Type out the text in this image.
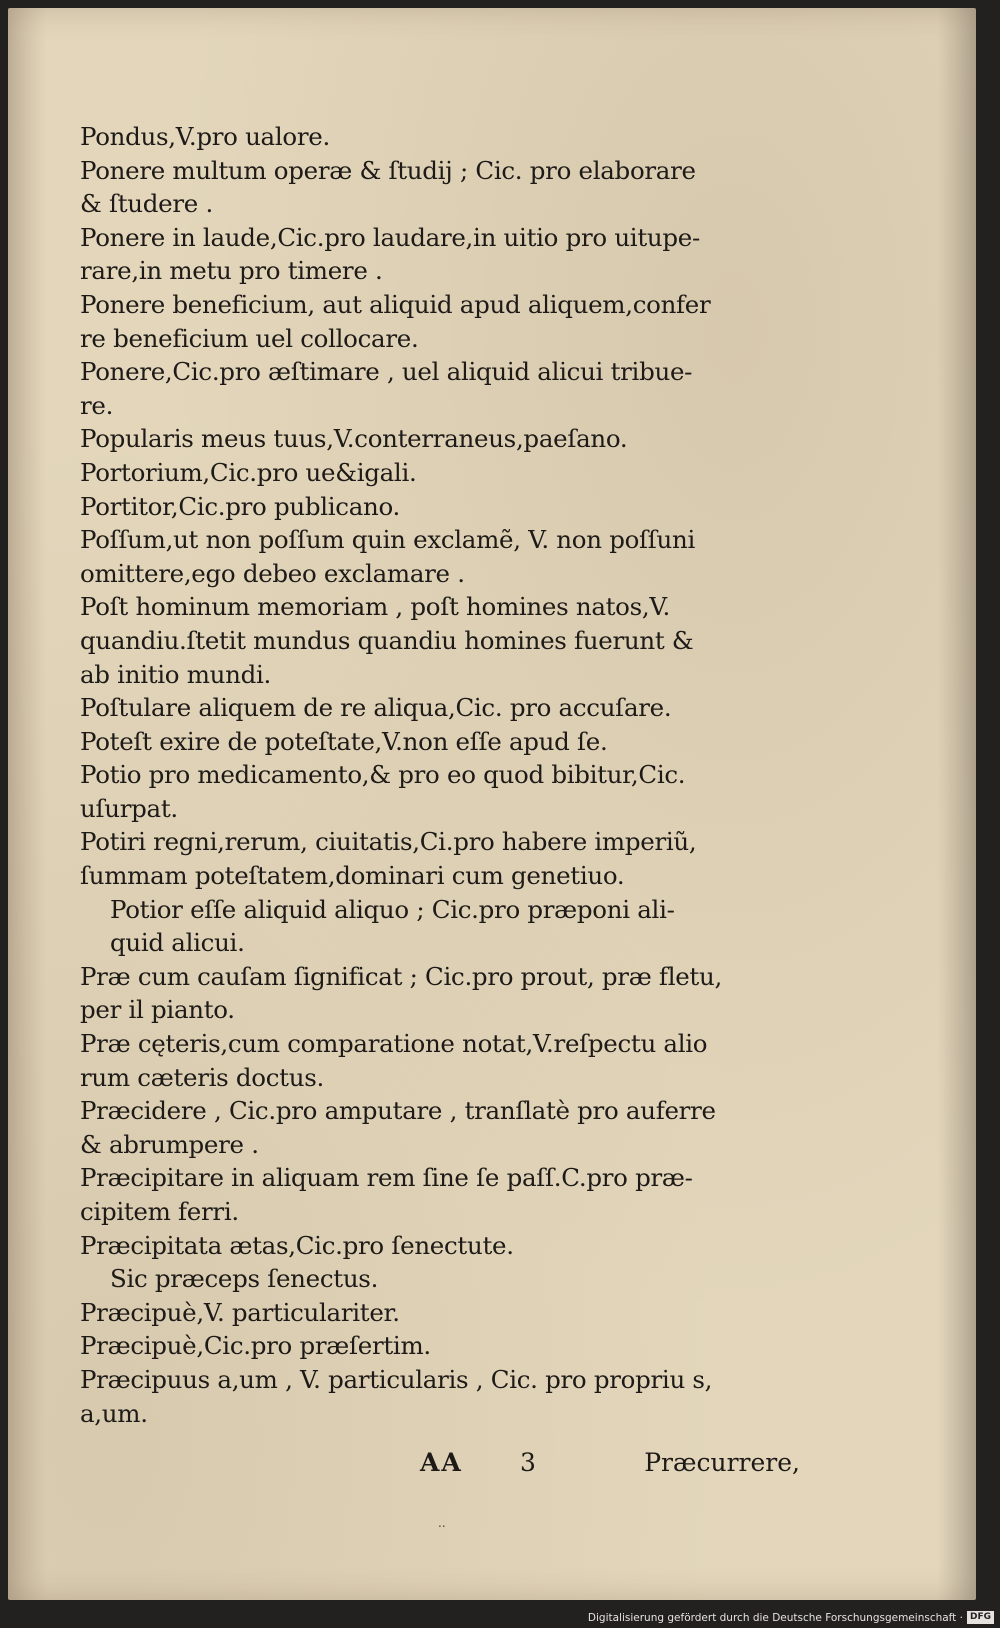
Pondus,V.pro ualore.
Ponere multum operæ & ſtudij ; Cic. pro elaborare
& ſtudere .
Ponere in laude,Cic.pro laudare,in uitio pro uitupe-
rare,in metu pro timere .
Ponere beneficium, aut aliquid apud aliquem,confer
re beneficium uel collocare.
Ponere,Cic.pro æſtimare , uel aliquid alicui tribue-
re.
Popularis meus tuus,V.conterraneus,paeſano.
Portorium,Cic.pro ue&igali.
Portitor,Cic.pro publicano.
Poſſum,ut non poſſum quin exclamẽ, V. non poſſuni
omittere,ego debeo exclamare .
Poſt hominum memoriam , poſt homines natos,V.
quandiu.ſtetit mundus quandiu homines fuerunt &
ab initio mundi.
Poſtulare aliquem de re aliqua,Cic. pro accuſare.
Poteſt exire de poteſtate,V.non eſſe apud ſe.
Potio pro medicamento,& pro eo quod bibitur,Cic.
uſurpat.
Potiri regni,rerum, ciuitatis,Ci.pro habere imperiũ,
ſummam poteſtatem,dominari cum genetiuo.
Potior eſſe aliquid aliquo ; Cic.pro præponi ali-
quid alicui.
Præ cum cauſam ſignificat ; Cic.pro prout, præ fletu,
per il pianto.
Præ cęteris,cum comparatione notat,V.reſpectu alio
rum cæteris doctus.
Præcidere , Cic.pro amputare , tranſlatè pro auferre
& abrumpere .
Præcipitare in aliquam rem ſine ſe paſſ.C.pro præ-
cipitem ferri.
Præcipitata ætas,Cic.pro ſenectute.
Sic præceps ſenectus.
Præcipuè,V. particulariter.
Præcipuè,Cic.pro præſertim.
Præcipuus a,um , V. particularis , Cic. pro propriu s,
a,um.
AA 3	Præcurrere,
..
Digitalisierung gefördert durch die Deutsche Forschungsgemeinschaft · DFG
